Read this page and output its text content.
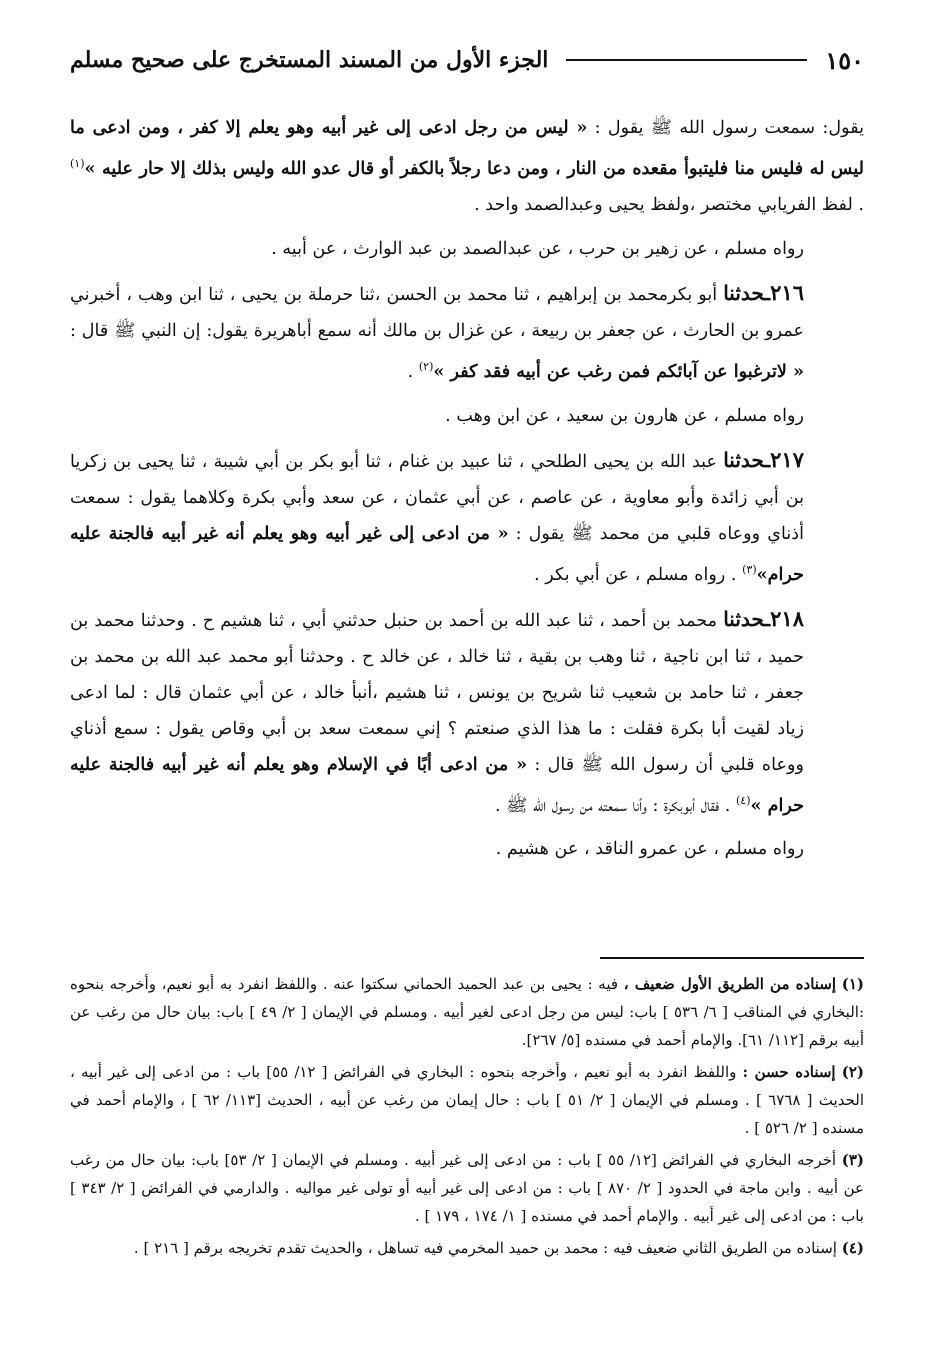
١٥٠
الجزء الأول من المسند المستخرج على صحيح مسلم

يقول: سمعت رسول الله ﷺ يقول : « ليس من رجل ادعى إلى غير أبيه وهو يعلم إلا كفر ، ومن ادعى ما ليس له فليس منا فليتبوأ مقعده من النار ، ومن دعا رجلاً بالكفر أو قال عدو الله وليس بذلك إلا حار عليه »$^{(١)}$ . لفظ الفريابي مختصر ،ولفظ يحيى وعبدالصمد واحد .

رواه مسلم ، عن زهير بن حرب ، عن عبدالصمد بن عبد الوارث ، عن أبيه .

٢١٦ـحدثنا أبو بكرمحمد بن إبراهيم ، ثنا محمد بن الحسن ،ثنا حرملة بن يحيى ، ثنا ابن وهب ، أخبرني عمرو بن الحارث ، عن جعفر بن ربيعة ، عن غزال بن مالك أنه سمع أباهريرة يقول: إن النبي ﷺ قال : « لاترغبوا عن آبائكم فمن رغب عن أبيه فقد كفر »$^{(٢)}$ .

رواه مسلم ، عن هارون بن سعيد ، عن ابن وهب .

٢١٧ـحدثنا عبد الله بن يحيى الطلحي ، ثنا عبيد بن غنام ، ثنا أبو بكر بن أبي شيبة ، ثنا يحيى بن زكريا بن أبي زائدة وأبو معاوية ، عن عاصم ، عن أبي عثمان ، عن سعد وأبي بكرة وكلاهما يقول : سمعت أذناي ووعاه قلبي من محمد ﷺ يقول : « من ادعى إلى غير أبيه وهو يعلم أنه غير أبيه فالجنة عليه حرام»$^{(٣)}$ . رواه مسلم ، عن أبي بكر .

٢١٨ـحدثنا محمد بن أحمد ، ثنا عبد الله بن أحمد بن حنبل حدثني أبي ، ثنا هشيم ح . وحدثنا محمد بن حميد ، ثنا ابن ناجية ، ثنا وهب بن بقية ، ثنا خالد ، عن خالد ح . وحدثنا أبو محمد عبد الله بن محمد بن جعفر ، ثنا حامد بن شعيب ثنا شريح بن يونس ، ثنا هشيم ،أنبأ خالد ، عن أبي عثمان قال : لما ادعى زياد لقيت أبا بكرة فقلت : ما هذا الذي صنعتم ؟ إني سمعت سعد بن أبي وقاص يقول : سمع أذناي ووعاه قلبي أن رسول الله ﷺ قال : « من ادعى أبًا في الإسلام وهو يعلم أنه غير أبيه فالجنة عليه حرام »$^{(٤)}$ . فقال أبوبكرة : وأنا سمعته من رسول الله ﷺ .

رواه مسلم ، عن عمرو الناقد ، عن هشيم .

(١) إسناده من الطريق الأول ضعيف ، فيه : يحيى بن عبد الحميد الحماني سكتوا عنه . واللفظ انفرد به أبو نعيم، وأخرجه بنحوه :البخاري في المناقب [ ٦/ ٥٣٦ ] باب: ليس من رجل ادعى لغير أبيه . ومسلم في الإيمان [ ٢/ ٤٩ ] باب: بيان حال من رغب عن أبيه برقم [١١٢/ ٦١]. والإمام أحمد في مسنده [٥/ ٢٦٧].

(٢) إسناده حسن : واللفظ انفرد به أبو نعيم ، وأخرجه بنحوه : البخاري في الفرائض [ ١٢/ ٥٥] باب : من ادعى إلى غير أبيه ، الحديث [ ٦٧٦٨ ] . ومسلم في الإيمان [ ٢/ ٥١ ] باب : حال إيمان من رغب عن أبيه ، الحديث [١١٣/ ٦٢ ] ، والإمام أحمد في مسنده [ ٢/ ٥٢٦ ] .

(٣) أخرجه البخاري في الفرائض [١٢/ ٥٥ ] باب : من ادعى إلى غير أبيه . ومسلم في الإيمان [ ٢/ ٥٣] باب: بيان حال من رغب عن أبيه . وابن ماجة في الحدود [ ٢/ ٨٧٠ ] باب : من ادعى إلى غير أبيه أو تولى غير مواليه . والدارمي في الفرائض [ ٢/ ٣٤٣ ] باب : من ادعى إلى غير أبيه . والإمام أحمد في مسنده [ ١/ ١٧٤ ، ١٧٩ ] .

(٤) إسناده من الطريق الثاني ضعيف فيه : محمد بن حميد المخرمي فيه تساهل ، والحديث تقدم تخريجه برقم [ ٢١٦ ] .
